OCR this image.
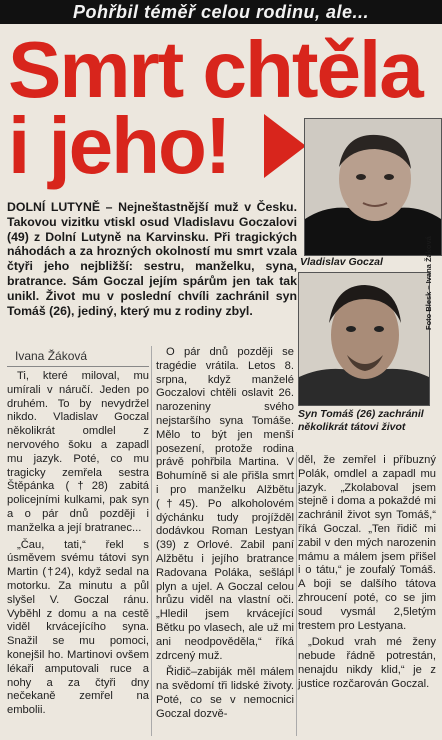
Pohřbil téměř celou rodinu, ale...
Smrt chtěla
i jeho!
Vladislav Goczal	Foto Blesk – Ivana Žáková
Syn Tomáš (26) zachránil několikrát tátovi život
DOLNÍ LUTYNĚ – Nejneštastnější muž v Česku. Takovou vizitku vtiskl osud Vladislavu Goczalovi (49) z Dolní Lutyně na Karvinsku. Při tragických náhodách a za hrozných okolností mu smrt vzala čtyři jeho nejbližší: sestru, manželku, syna, bratrance. Sám Goczal jejím spárům jen tak tak unikl. Život mu v poslední chvíli zachránil syn Tomáš (26), jediný, který mu z rodiny zbyl.
Ivana Žáková

Ti, které miloval, mu umírali v náručí. Jeden po druhém. To by nevydržel nikdo. Vladislav Goczal několikrát omdlel z nervového šoku a zapadl mu jazyk. Poté, co mu tragicky zemřela sestra Štěpánka (†28) zabitá policejními kulkami, pak syn a o pár dnů později i manželka a její bratranec...

„Čau, tati,“ řekl s úsměvem svému tátovi syn Martin (†24), když sedal na motorku. Za minutu a půl slyšel V. Goczal ránu. Vyběhl z domu a na cestě viděl krvácejícího syna. Snažil se mu pomoci, konejšil ho. Martinovi ovšem lékaři amputovali ruce a nohy a za čtyři dny nečekaně zemřel na embolii.

O pár dnů později se tragédie vrátila. Letos 8. srpna, když manželé Goczalovi chtěli oslavit 26. narozeniny svého nejstaršího syna Tomáše. Mělo to být jen menší posezení, protože rodina právě pohřbila Martina. V Bohumíně si ale přišla smrt i pro manželku Alžbětu (†45). Po alkoholovém dýchánku tudy projížděl dodávkou Roman Lestyan (39) z Orlové. Zabil paní Alžbětu i jejího bratrance Radovana Poláka, sešlápl plyn a ujel. A Goczal celou hrůzu viděl na vlastní oči. „Hledil jsem krvácející Bětku po vlasech, ale už mi ani neodpověděla,“ říká zdrcený muž.

Řidič–zabiják měl málem na svědomí tři lidské životy. Poté, co se v nemocnici Goczal dozvě-

děl, že zemřel i příbuzný Polák, omdlel a zapadl mu jazyk. „Zkolaboval jsem stejně i doma a pokaždé mi zachránil život syn Tomáš,“ říká Goczal. „Ten řidič mi zabil v den mých narozenin mámu a málem jsem přišel i o tátu,“ je zoufalý Tomáš. A boji se dalšího tátova zhroucení poté, co se jim soud vysmál 2,5letým trestem pro Lestyana.

„Dokud vrah mé ženy nebude řádně potrestán, nenajdu nikdy klid,“ je z justice rozčarován Goczal.
